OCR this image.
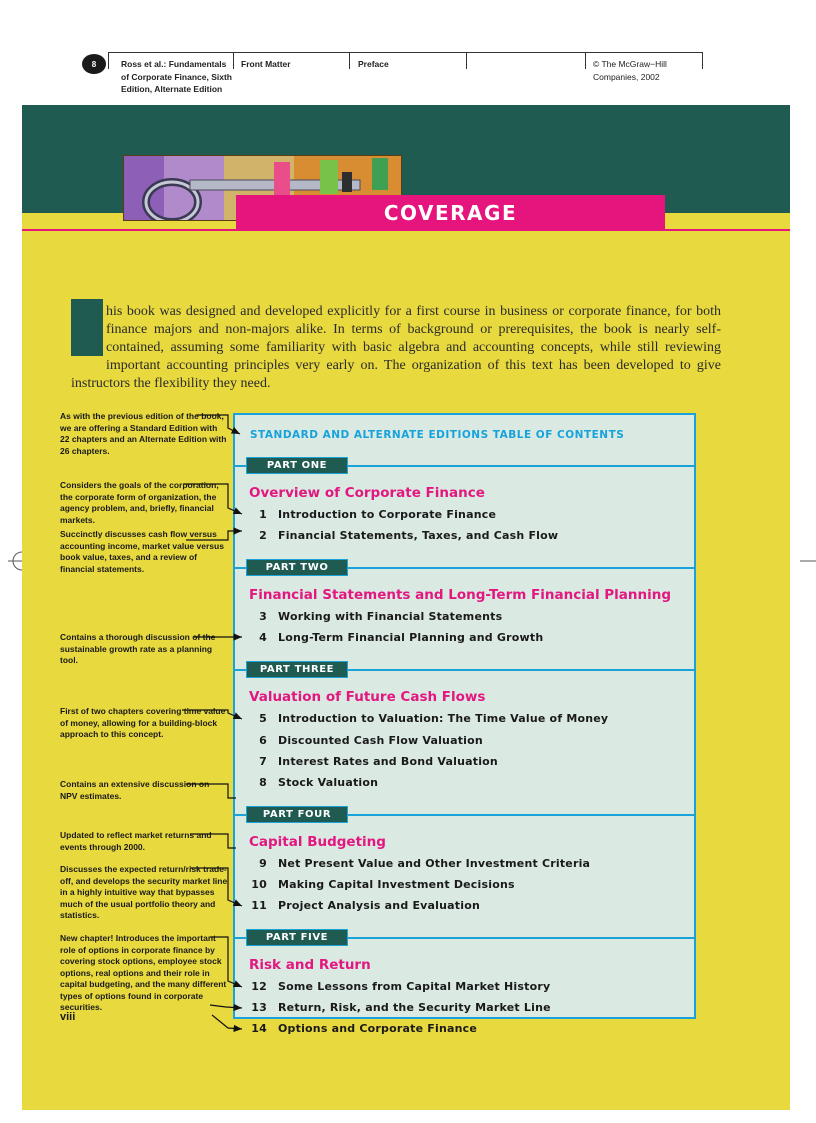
8	Ross et al.: Fundamentals
of Corporate Finance, Sixth
Edition, Alternate Edition
Front Matter	Preface	© The McGraw−Hill
Companies, 2002
COVERAGE

his book was designed and developed explicitly for a first course in business or corporate finance, for both finance majors and non-majors alike. In terms of background or prerequisites, the book is nearly self-contained, assuming some familiarity with basic algebra and accounting concepts, while still reviewing important accounting principles very early on. The organization of this text has been developed to give instructors the flexibility they need.

As with the previous edition of the book, we are offering a Standard Edition with 22 chapters and an Alternate Edition with 26 chapters.

Considers the goals of the corporation, the corporate form of organization, the agency problem, and, briefly, financial markets.

Succinctly discusses cash flow versus accounting income, market value versus book value, taxes, and a review of financial statements.

Contains a thorough discussion of the sustainable growth rate as a planning tool.

First of two chapters covering time value of money, allowing for a building-block approach to this concept.

Contains an extensive discussion on NPV estimates.

Updated to reflect market returns and events through 2000.

Discusses the expected return/risk trade-off, and develops the security market line in a highly intuitive way that bypasses much of the usual portfolio theory and statistics.

New chapter! Introduces the important role of options in corporate finance by covering stock options, employee stock options, real options and their role in capital budgeting, and the many different types of options found in corporate securities.

STANDARD AND ALTERNATE EDITIONS TABLE OF CONTENTS
PART ONE
Overview of Corporate Finance
1 Introduction to Corporate Finance
2 Financial Statements, Taxes, and Cash Flow
PART TWO
Financial Statements and Long-Term Financial Planning
3 Working with Financial Statements
4 Long-Term Financial Planning and Growth
PART THREE
Valuation of Future Cash Flows
5 Introduction to Valuation: The Time Value of Money
6 Discounted Cash Flow Valuation
7 Interest Rates and Bond Valuation
8 Stock Valuation
PART FOUR
Capital Budgeting
9 Net Present Value and Other Investment Criteria
10 Making Capital Investment Decisions
11 Project Analysis and Evaluation
PART FIVE
Risk and Return
12 Some Lessons from Capital Market History
13 Return, Risk, and the Security Market Line
14 Options and Corporate Finance
viii
